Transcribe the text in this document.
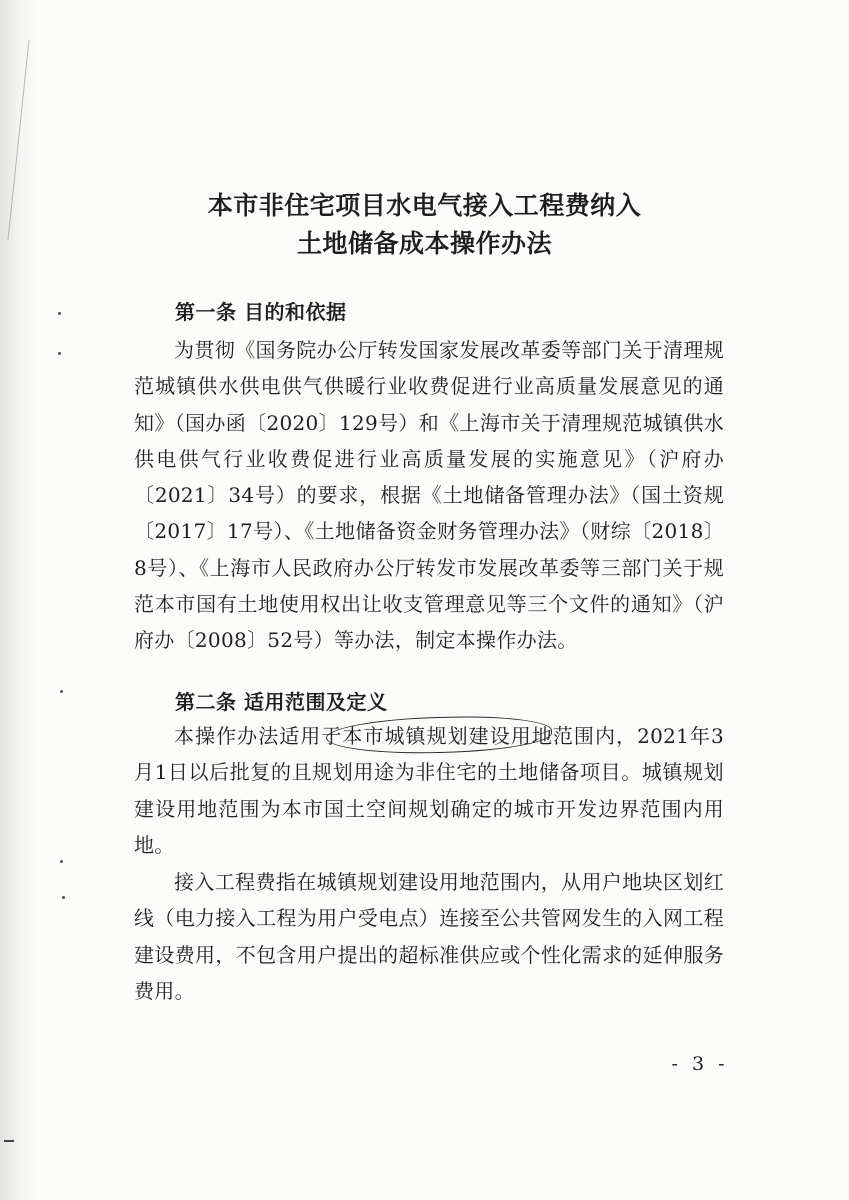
本市非住宅项目水电气接入工程费纳入
土地储备成本操作办法
第一条 目的和依据

为贯彻《国务院办公厅转发国家发展改革委等部门关于清理规范城镇供水供电供气供暖行业收费促进行业高质量发展意见的通知》（国办函〔2020〕129号）和《上海市关于清理规范城镇供水供电供气行业收费促进行业高质量发展的实施意见》（沪府办〔2021〕34号）的要求，根据《土地储备管理办法》（国土资规〔2017〕17号）、《土地储备资金财务管理办法》（财综〔2018〕8号）、《上海市人民政府办公厅转发市发展改革委等三部门关于规范本市国有土地使用权出让收支管理意见等三个文件的通知》（沪府办〔2008〕52号）等办法，制定本操作办法。

第二条 适用范围及定义

本操作办法适用于本市城镇规划建设用地范围内，2021年3月1日以后批复的且规划用途为非住宅的土地储备项目。城镇规划建设用地范围为本市国土空间规划确定的城市开发边界范围内用地。

接入工程费指在城镇规划建设用地范围内，从用户地块区划红线（电力接入工程为用户受电点）连接至公共管网发生的入网工程建设费用，不包含用户提出的超标准供应或个性化需求的延伸服务费用。

- 3 -
